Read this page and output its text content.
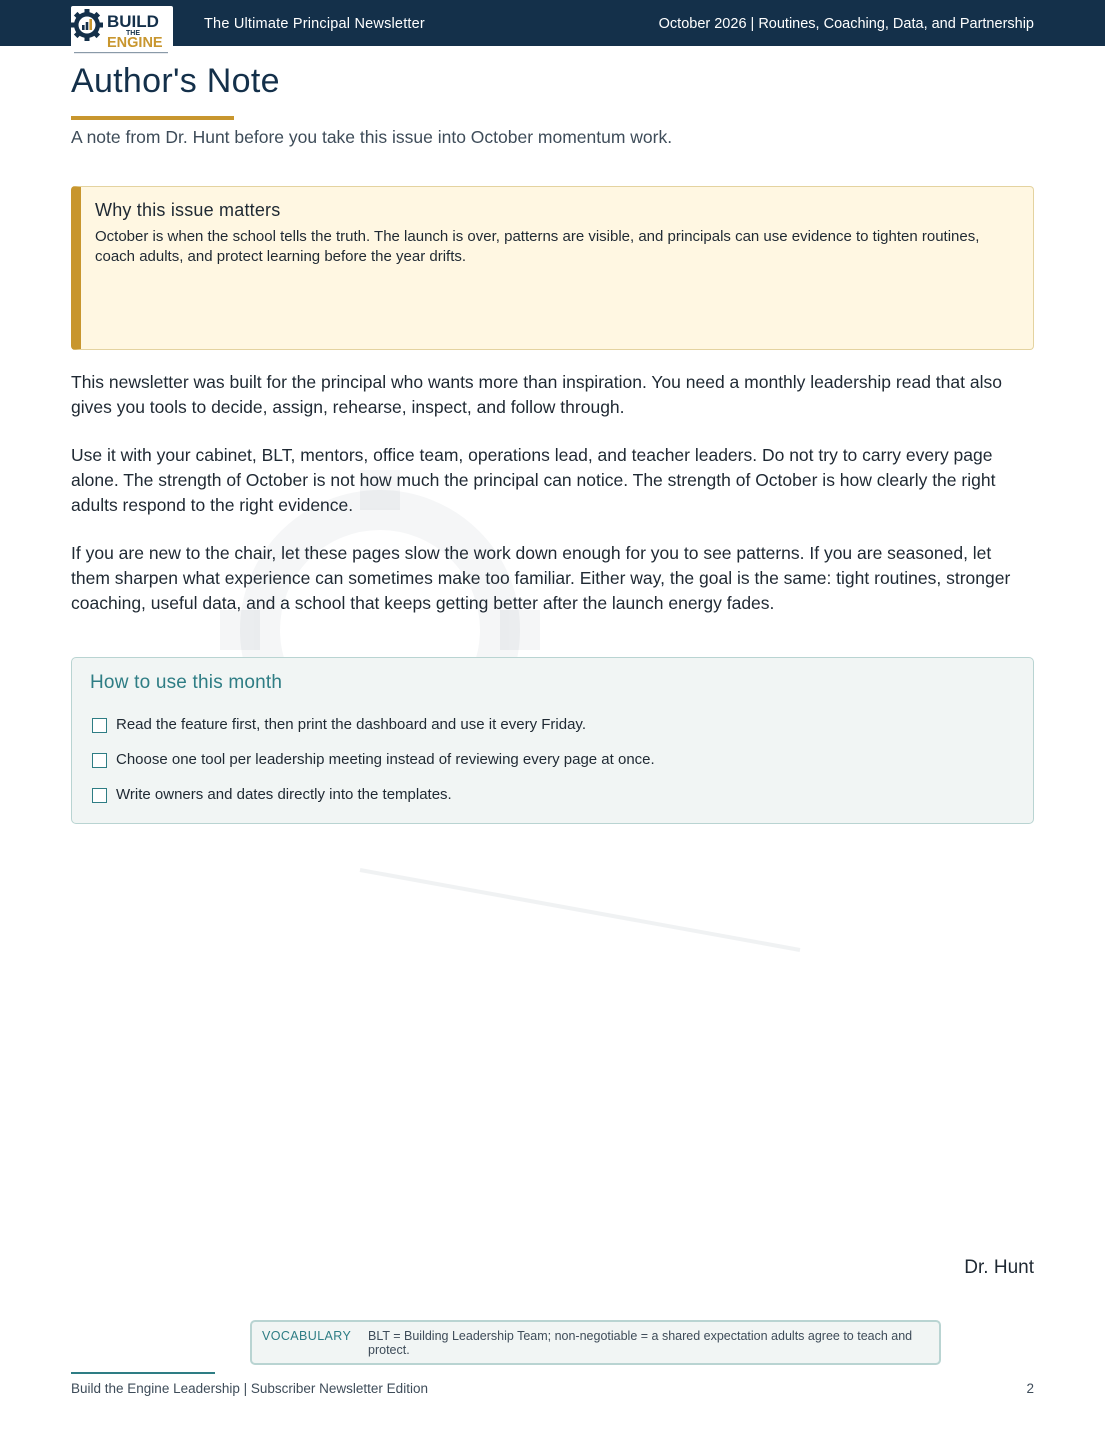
BUILD
THE
ENGINE
The Ultimate Principal Newsletter	October 2026 | Routines, Coaching, Data, and Partnership
Author's Note

A note from Dr. Hunt before you take this issue into October momentum work.

Why this issue matters
October is when the school tells the truth. The launch is over, patterns are visible, and principals can use evidence to tighten routines, coach adults, and protect learning before the year drifts.

This newsletter was built for the principal who wants more than inspiration. You need a monthly leadership read that also gives you tools to decide, assign, rehearse, inspect, and follow through.

Use it with your cabinet, BLT, mentors, office team, operations lead, and teacher leaders. Do not try to carry every page alone. The strength of October is not how much the principal can notice. The strength of October is how clearly the right adults respond to the right evidence.

If you are new to the chair, let these pages slow the work down enough for you to see patterns. If you are seasoned, let them sharpen what experience can sometimes make too familiar. Either way, the goal is the same: tight routines, stronger coaching, useful data, and a school that keeps getting better after the launch energy fades.

How to use this month
Read the feature first, then print the dashboard and use it every Friday.
Choose one tool per leadership meeting instead of reviewing every page at once.
Write owners and dates directly into the templates.
Dr. Hunt
VOCABULARY BLT = Building Leadership Team; non-negotiable = a shared expectation adults agree to teach and protect.
Build the Engine Leadership | Subscriber Newsletter Edition	2
